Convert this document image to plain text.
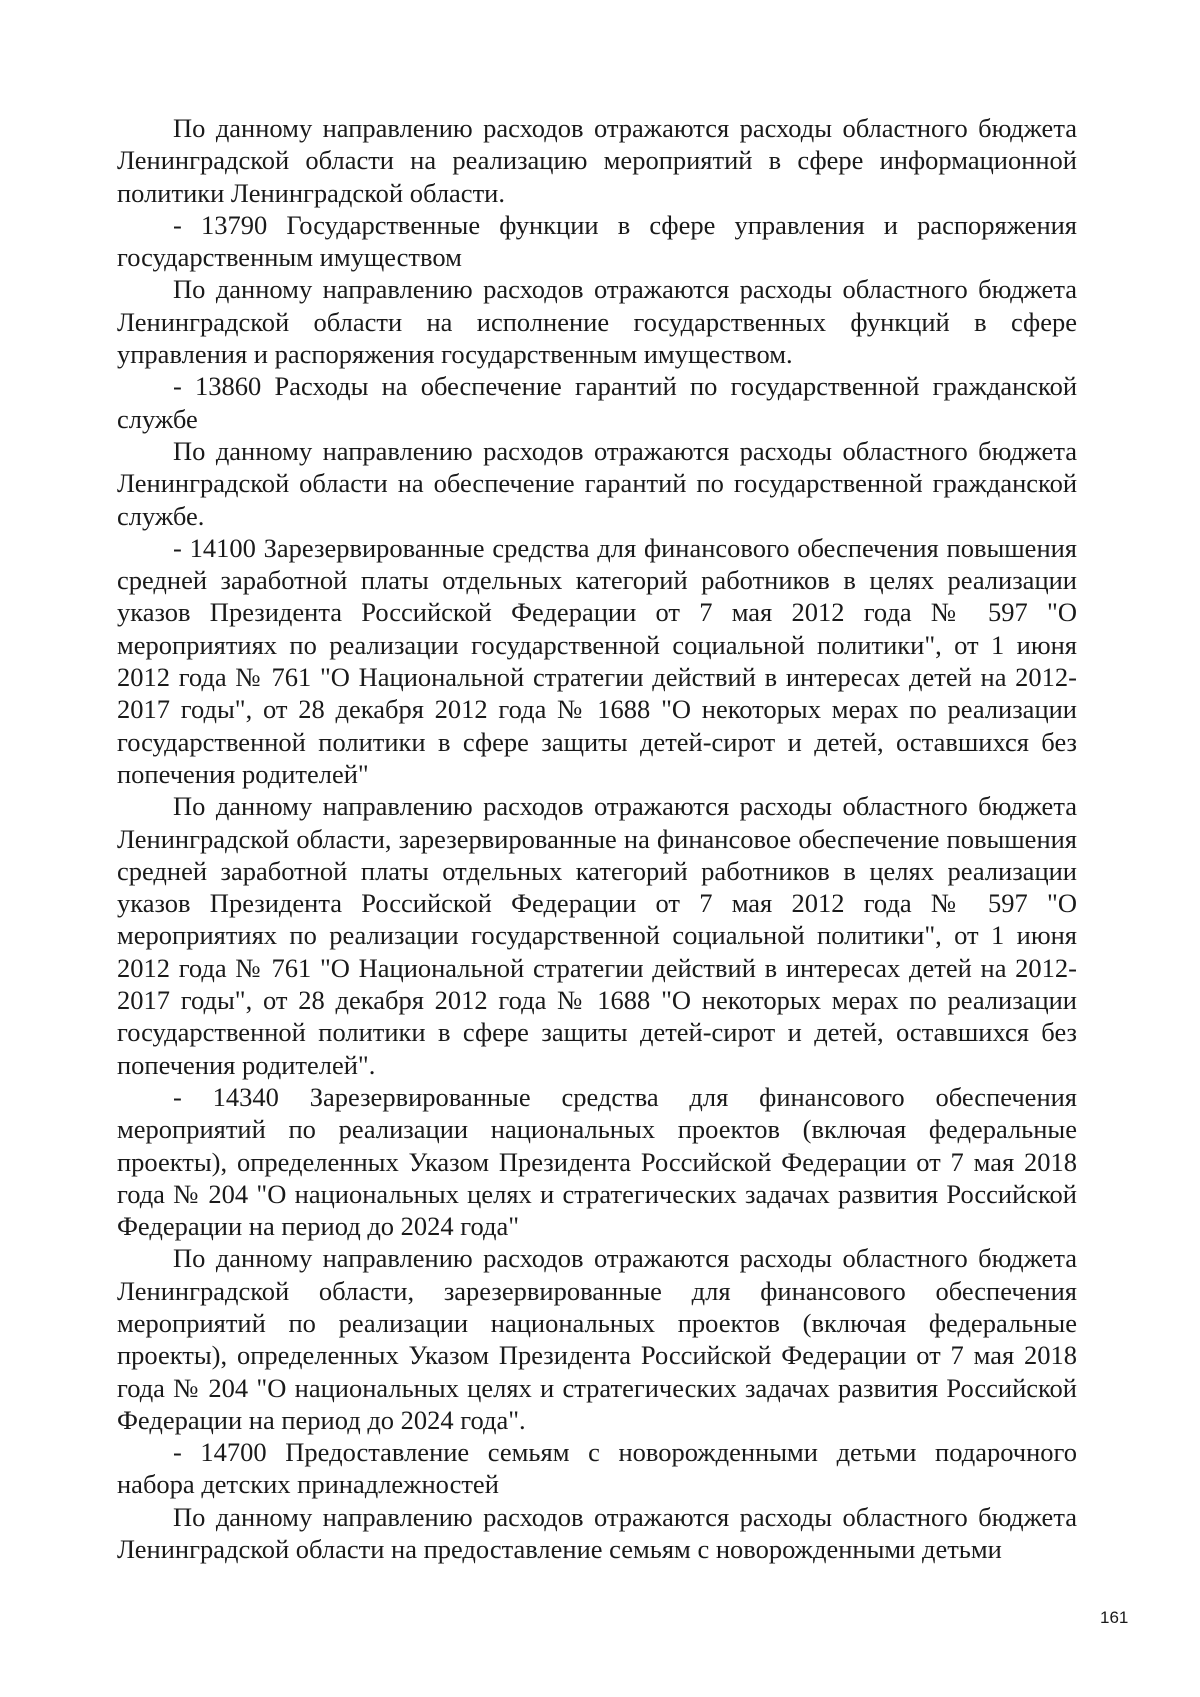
По данному направлению расходов отражаются расходы областного бюджета Ленинградской области на реализацию мероприятий в сфере информационной политики Ленинградской области.

- 13790 Государственные функции в сфере управления и распоряжения государственным имуществом

По данному направлению расходов отражаются расходы областного бюджета Ленинградской области на исполнение государственных функций в сфере управления и распоряжения государственным имуществом.

- 13860 Расходы на обеспечение гарантий по государственной гражданской службе

По данному направлению расходов отражаются расходы областного бюджета Ленинградской области на обеспечение гарантий по государственной гражданской службе.

- 14100 Зарезервированные средства для финансового обеспечения повышения средней заработной платы отдельных категорий работников в целях реализации указов Президента Российской Федерации от 7 мая 2012 года № 597 "О мероприятиях по реализации государственной социальной политики", от 1 июня 2012 года № 761 "О Национальной стратегии действий в интересах детей на 2012-2017 годы", от 28 декабря 2012 года № 1688 "О некоторых мерах по реализации государственной политики в сфере защиты детей-сирот и детей, оставшихся без попечения родителей"

По данному направлению расходов отражаются расходы областного бюджета Ленинградской области, зарезервированные на финансовое обеспечение повышения средней заработной платы отдельных категорий работников в целях реализации указов Президента Российской Федерации от 7 мая 2012 года № 597 "О мероприятиях по реализации государственной социальной политики", от 1 июня 2012 года № 761 "О Национальной стратегии действий в интересах детей на 2012-2017 годы", от 28 декабря 2012 года № 1688 "О некоторых мерах по реализации государственной политики в сфере защиты детей-сирот и детей, оставшихся без попечения родителей".

- 14340 Зарезервированные средства для финансового обеспечения мероприятий по реализации национальных проектов (включая федеральные проекты), определенных Указом Президента Российской Федерации от 7 мая 2018 года № 204 "О национальных целях и стратегических задачах развития Российской Федерации на период до 2024 года"

По данному направлению расходов отражаются расходы областного бюджета Ленинградской области, зарезервированные для финансового обеспечения мероприятий по реализации национальных проектов (включая федеральные проекты), определенных Указом Президента Российской Федерации от 7 мая 2018 года № 204 "О национальных целях и стратегических задачах развития Российской Федерации на период до 2024 года".

- 14700 Предоставление семьям с новорожденными детьми подарочного набора детских принадлежностей

По данному направлению расходов отражаются расходы областного бюджета Ленинградской области на предоставление семьям с новорожденными детьми

161
